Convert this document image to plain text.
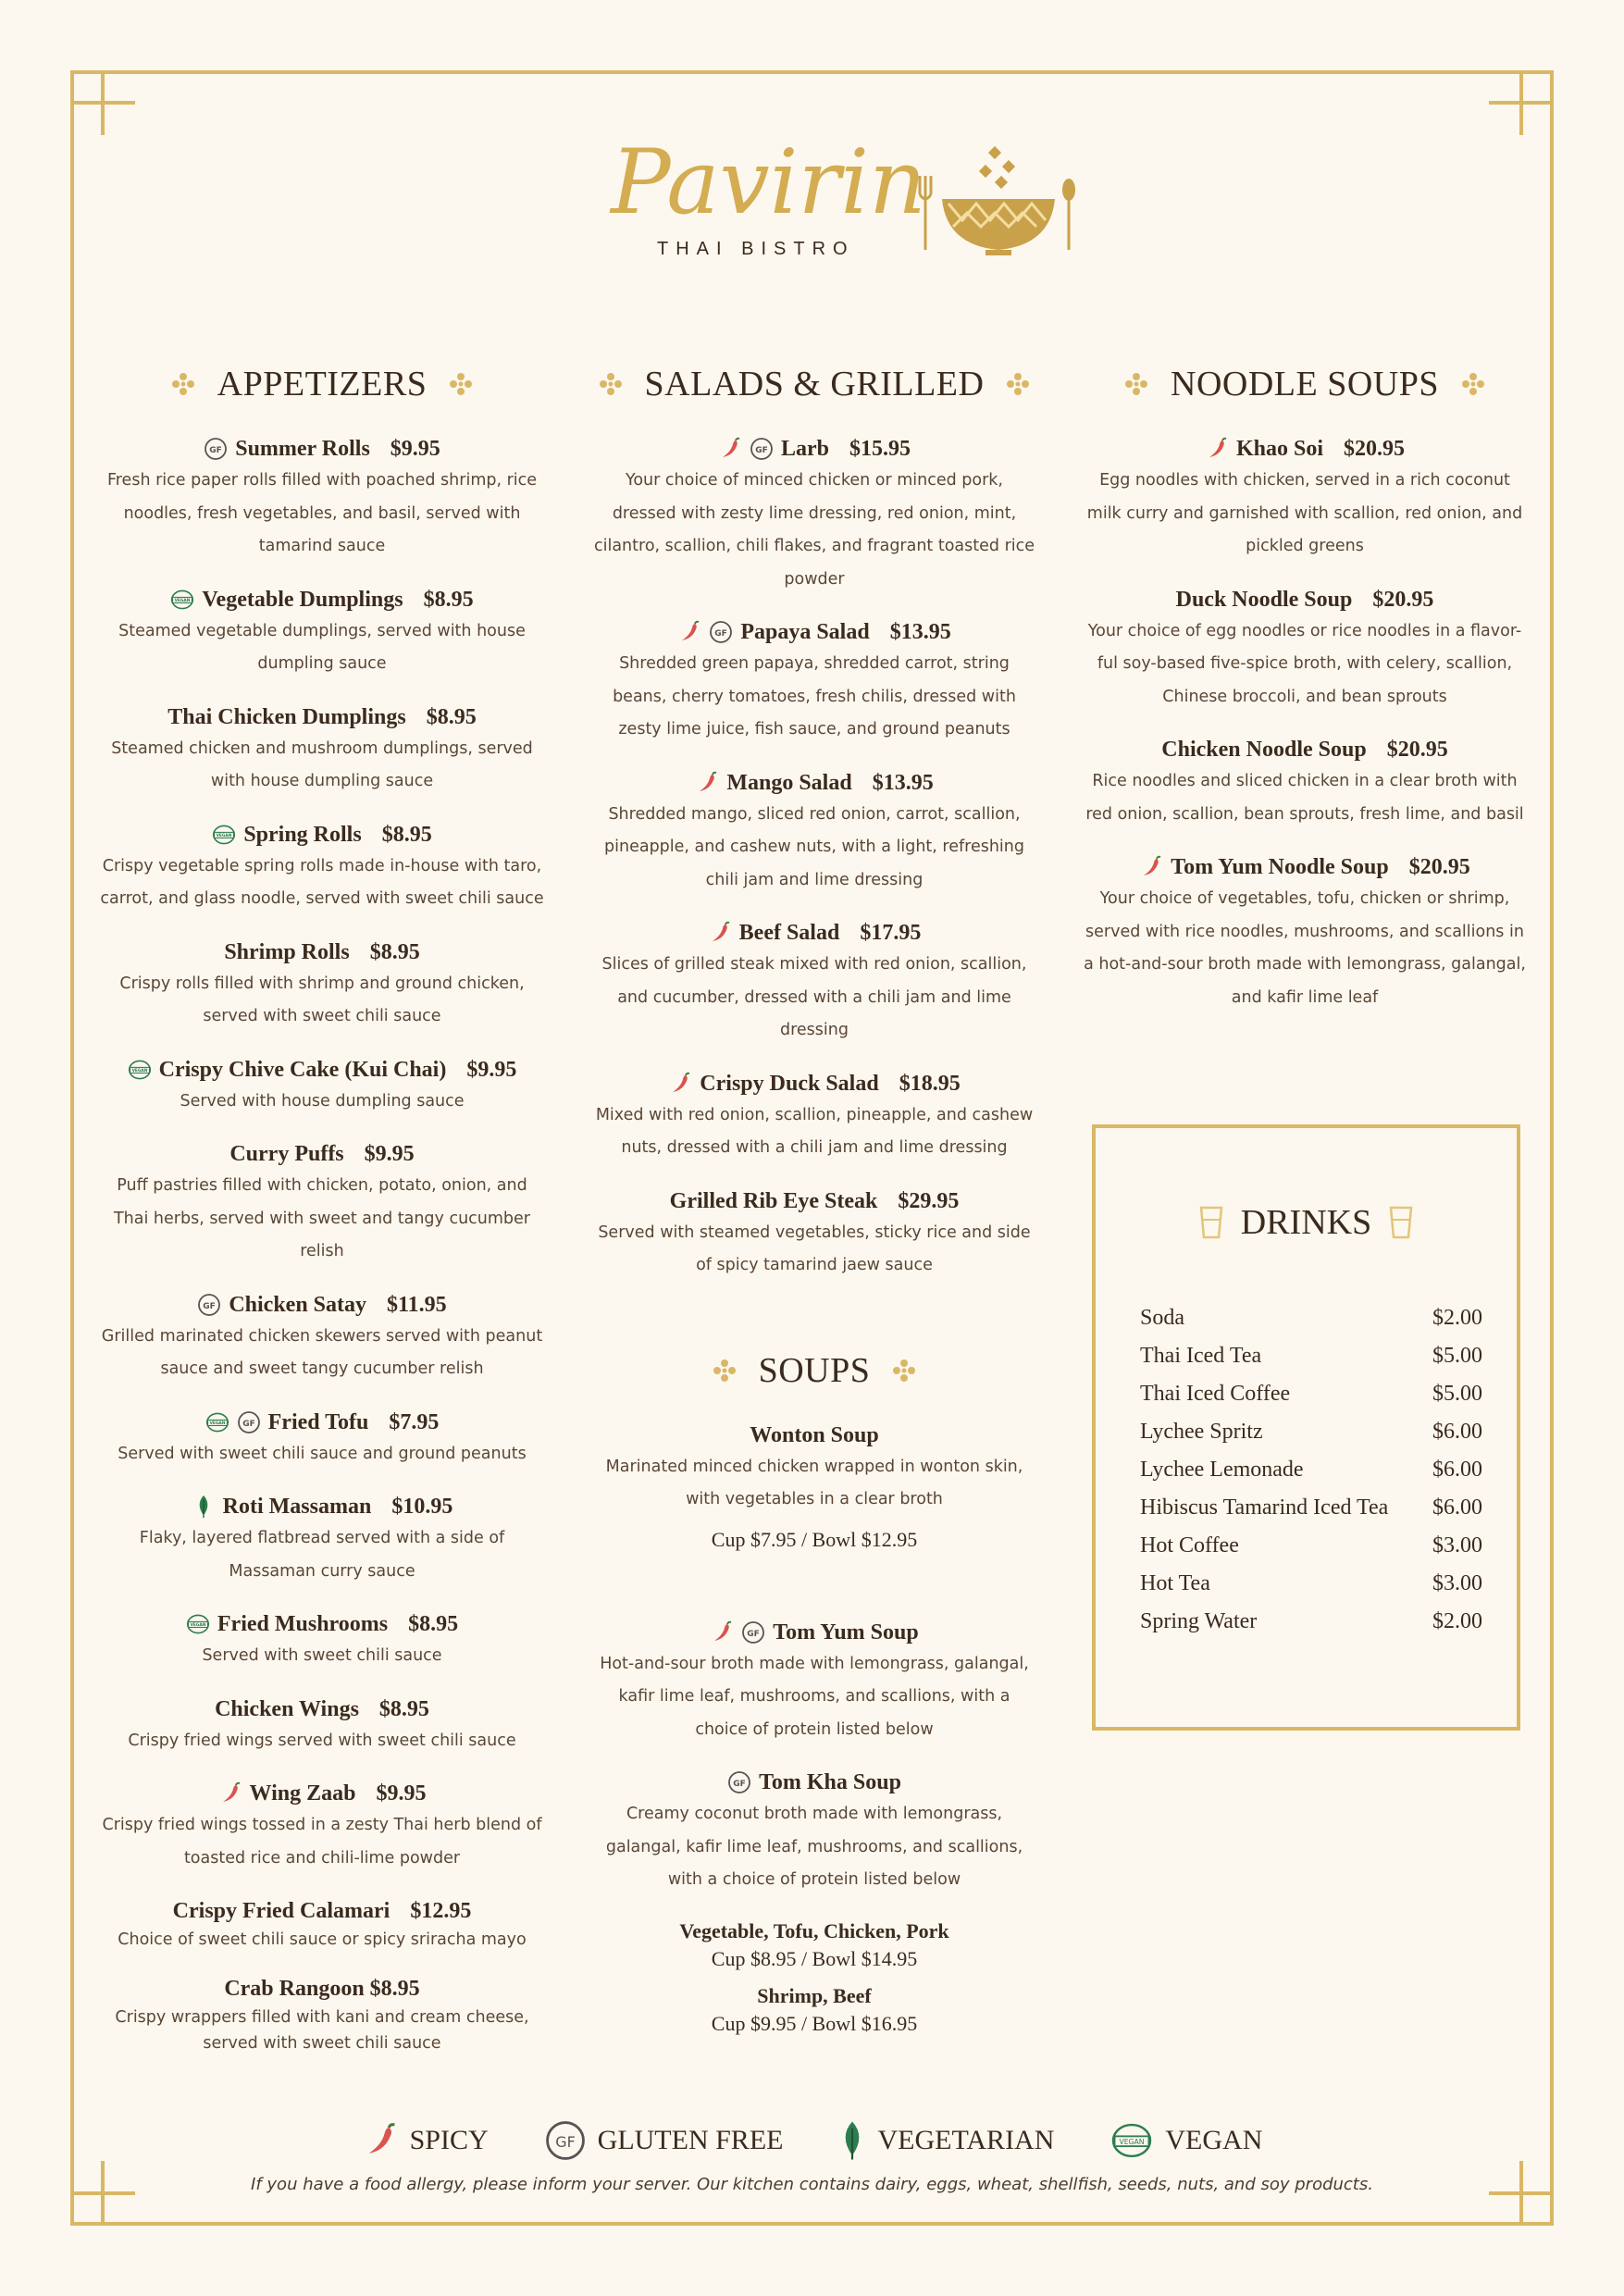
Pavirin
THAI BISTRO
APPETIZERS
GF Summer Rolls $9.95
Fresh rice paper rolls filled with poached shrimp, rice noodles, fresh vegetables, and basil, served with tamarind sauce
VEGAN Vegetable Dumplings $8.95
Steamed vegetable dumplings, served with house dumpling sauce
Thai Chicken Dumplings $8.95
Steamed chicken and mushroom dumplings, served with house dumpling sauce
VEGAN Spring Rolls $8.95
Crispy vegetable spring rolls made in-house with taro, carrot, and glass noodle, served with sweet chili sauce
Shrimp Rolls $8.95
Crispy rolls filled with shrimp and ground chicken, served with sweet chili sauce
VEGAN Crispy Chive Cake (Kui Chai) $9.95
Served with house dumpling sauce
Curry Puffs $9.95
Puff pastries filled with chicken, potato, onion, and Thai herbs, served with sweet and tangy cucumber relish
GF Chicken Satay $11.95
Grilled marinated chicken skewers served with peanut sauce and sweet tangy cucumber relish
VEGAN GF Fried Tofu $7.95
Served with sweet chili sauce and ground peanuts
Roti Massaman $10.95
Flaky, layered flatbread served with a side of Massaman curry sauce
VEGAN Fried Mushrooms $8.95
Served with sweet chili sauce
Chicken Wings $8.95
Crispy fried wings served with sweet chili sauce
Wing Zaab $9.95
Crispy fried wings tossed in a zesty Thai herb blend of toasted rice and chili-lime powder
Crispy Fried Calamari $12.95
Choice of sweet chili sauce or spicy sriracha mayo
Crab Rangoon $8.95
Crispy wrappers filled with kani and cream cheese, served with sweet chili sauce
SALADS & GRILLED
GF Larb $15.95
Your choice of minced chicken or minced pork, dressed with zesty lime dressing, red onion, mint, cilantro, scallion, chili flakes, and fragrant toasted rice powder
GF Papaya Salad $13.95
Shredded green papaya, shredded carrot, string beans, cherry tomatoes, fresh chilis, dressed with zesty lime juice, fish sauce, and ground peanuts
Mango Salad $13.95
Shredded mango, sliced red onion, carrot, scallion, pineapple, and cashew nuts, with a light, refreshing chili jam and lime dressing
Beef Salad $17.95
Slices of grilled steak mixed with red onion, scallion, and cucumber, dressed with a chili jam and lime dressing
Crispy Duck Salad $18.95
Mixed with red onion, scallion, pineapple, and cashew nuts, dressed with a chili jam and lime dressing
Grilled Rib Eye Steak $29.95
Served with steamed vegetables, sticky rice and side of spicy tamarind jaew sauce
SOUPS
Wonton Soup
Marinated minced chicken wrapped in wonton skin, with vegetables in a clear broth
Cup $7.95 / Bowl $12.95
GF Tom Yum Soup
Hot-and-sour broth made with lemongrass, galangal, kafir lime leaf, mushrooms, and scallions, with a choice of protein listed below
GF Tom Kha Soup
Creamy coconut broth made with lemongrass, galangal, kafir lime leaf, mushrooms, and scallions, with a choice of protein listed below
Vegetable, Tofu, Chicken, Pork
Cup $8.95 / Bowl $14.95
Shrimp, Beef
Cup $9.95 / Bowl $16.95
NOODLE SOUPS
Khao Soi $20.95
Egg noodles with chicken, served in a rich coconut milk curry and garnished with scallion, red onion, and pickled greens
Duck Noodle Soup $20.95
Your choice of egg noodles or rice noodles in a flavor-ful soy-based five-spice broth, with celery, scallion, Chinese broccoli, and bean sprouts
Chicken Noodle Soup $20.95
Rice noodles and sliced chicken in a clear broth with red onion, scallion, bean sprouts, fresh lime, and basil
Tom Yum Noodle Soup $20.95
Your choice of vegetables, tofu, chicken or shrimp, served with rice noodles, mushrooms, and scallions in a hot-and-sour broth made with lemongrass, galangal, and kafir lime leaf
DRINKS
Soda	$2.00
Thai Iced Tea	$5.00
Thai Iced Coffee	$5.00
Lychee Spritz	$6.00
Lychee Lemonade	$6.00
Hibiscus Tamarind Iced Tea $6.00
Hot Coffee	$3.00
Hot Tea	$3.00
Spring Water	$2.00
SPICY	GF GLUTEN FREE	VEGETARIAN	VEGAN VEGAN
If you have a food allergy, please inform your server. Our kitchen contains dairy, eggs, wheat, shellfish, seeds, nuts, and soy products.
